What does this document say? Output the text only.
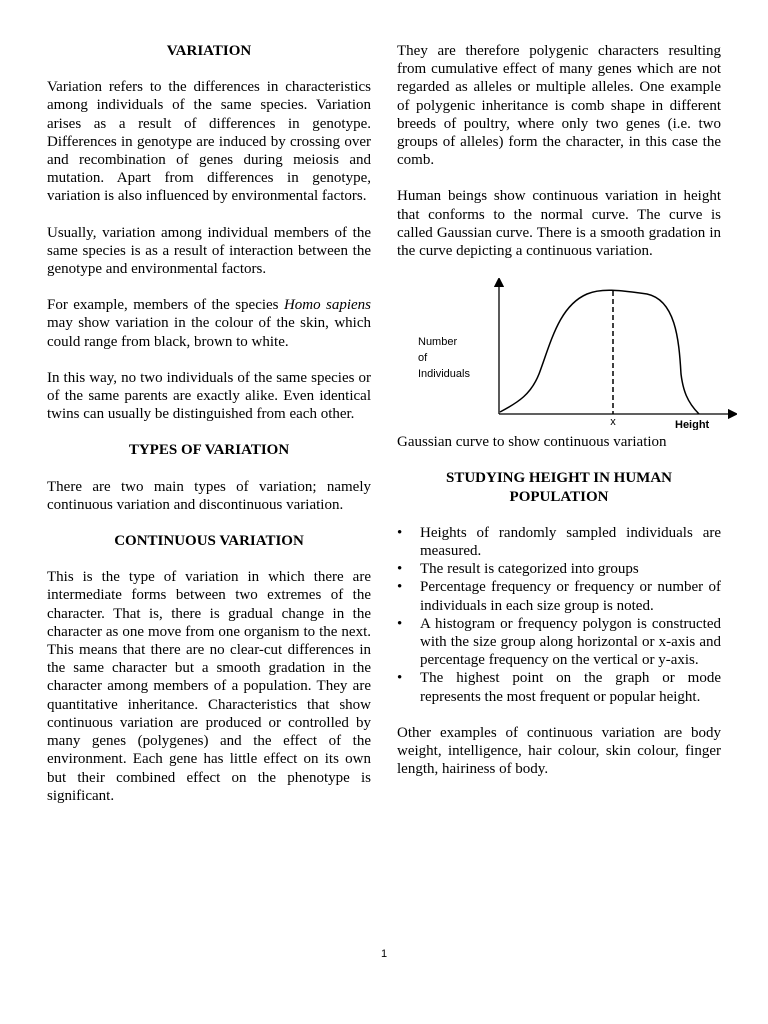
VARIATION

Variation refers to the differences in characteristics among individuals of the same species. Variation arises as a result of differences in genotype. Differences in genotype are induced by crossing over and recombination of genes during meiosis and mutation. Apart from differences in genotype, variation is also influenced by environmental factors.

Usually, variation among individual members of the same species is as a result of interaction between the genotype and environmental factors.

For example, members of the species Homo sapiens may show variation in the colour of the skin, which could range from black, brown to white.

In this way, no two individuals of the same species or of the same parents are exactly alike. Even identical twins can usually be distinguished from each other.

TYPES OF VARIATION

There are two main types of variation; namely continuous variation and discontinuous variation.

CONTINUOUS VARIATION

This is the type of variation in which there are intermediate forms between two extremes of the character. That is, there is gradual change in the character as one move from one organism to the next. This means that there are no clear-cut differences in the same character but a smooth gradation in the character among members of a population. They are quantitative inheritance. Characteristics that show continuous variation are produced or controlled by many genes (polygenes) and the effect of the environment. Each gene has little effect on its own but their combined effect on the phenotype is significant.

They are therefore polygenic characters resulting from cumulative effect of many genes which are not regarded as alleles or multiple alleles. One example of polygenic inheritance is comb shape in different breeds of poultry, where only two genes (i.e. two groups of alleles) form the character, in this case the comb.

Human beings show continuous variation in height that conforms to the normal curve. The curve is called Gaussian curve. There is a smooth gradation in the curve depicting a continuous variation.

Number
of
Individuals
x	Height

Gaussian curve to show continuous variation

STUDYING HEIGHT IN HUMAN POPULATION
• Heights of randomly sampled individuals are measured.
• The result is categorized into groups
• Percentage frequency or frequency or number of individuals in each size group is noted.
• A histogram or frequency polygon is constructed with the size group along horizontal or x-axis and percentage frequency on the vertical or y-axis.
• The highest point on the graph or mode represents the most frequent or popular height.

Other examples of continuous variation are body weight, intelligence, hair colour, skin colour, finger length, hairiness of body.

1
